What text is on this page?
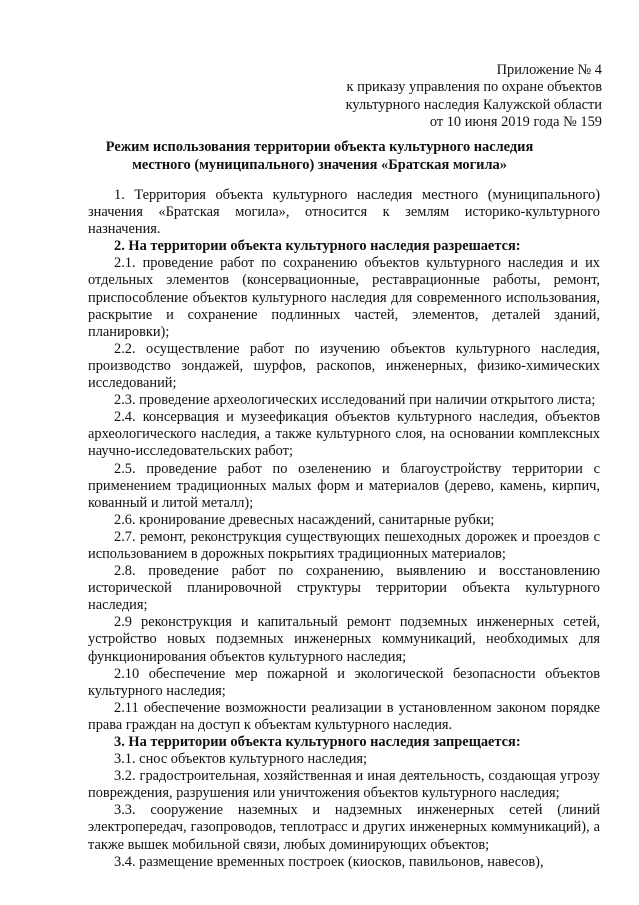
Приложение № 4
к приказу управления по охране объектов
культурного наследия Калужской области
от 10 июня 2019 года № 159
Режим использования территории объекта культурного наследия
местного (муниципального) значения «Братская могила»

1. Территория объекта культурного наследия местного (муниципального) значения «Братская могила», относится к землям историко-культурного назначения.

2. На территории объекта культурного наследия разрешается:

2.1. проведение работ по сохранению объектов культурного наследия и их отдельных элементов (консервационные, реставрационные работы, ремонт, приспособление объектов культурного наследия для современного использования, раскрытие и сохранение подлинных частей, элементов, деталей зданий, планировки);

2.2. осуществление работ по изучению объектов культурного наследия, производство зондажей, шурфов, раскопов, инженерных, физико-химических исследований;

2.3. проведение археологических исследований при наличии открытого листа;

2.4. консервация и музеефикация объектов культурного наследия, объектов археологического наследия, а также культурного слоя, на основании комплексных научно-исследовательских работ;

2.5. проведение работ по озеленению и благоустройству территории с применением традиционных малых форм и материалов (дерево, камень, кирпич, кованный и литой металл);

2.6. кронирование древесных насаждений, санитарные рубки;

2.7. ремонт, реконструкция существующих пешеходных дорожек и проездов с использованием в дорожных покрытиях традиционных материалов;

2.8. проведение работ по сохранению, выявлению и восстановлению исторической планировочной структуры территории объекта культурного наследия;

2.9 реконструкция и капитальный ремонт подземных инженерных сетей, устройство новых подземных инженерных коммуникаций, необходимых для функционирования объектов культурного наследия;

2.10 обеспечение мер пожарной и экологической безопасности объектов культурного наследия;

2.11 обеспечение возможности реализации в установленном законом порядке права граждан на доступ к объектам культурного наследия.

3. На территории объекта культурного наследия запрещается:

3.1. снос объектов культурного наследия;

3.2. градостроительная, хозяйственная и иная деятельность, создающая угрозу повреждения, разрушения или уничтожения объектов культурного наследия;

3.3. сооружение наземных и надземных инженерных сетей (линий электропередач, газопроводов, теплотрасс и других инженерных коммуникаций), а также вышек мобильной связи, любых доминирующих объектов;

3.4. размещение временных построек (киосков, павильонов, навесов),
